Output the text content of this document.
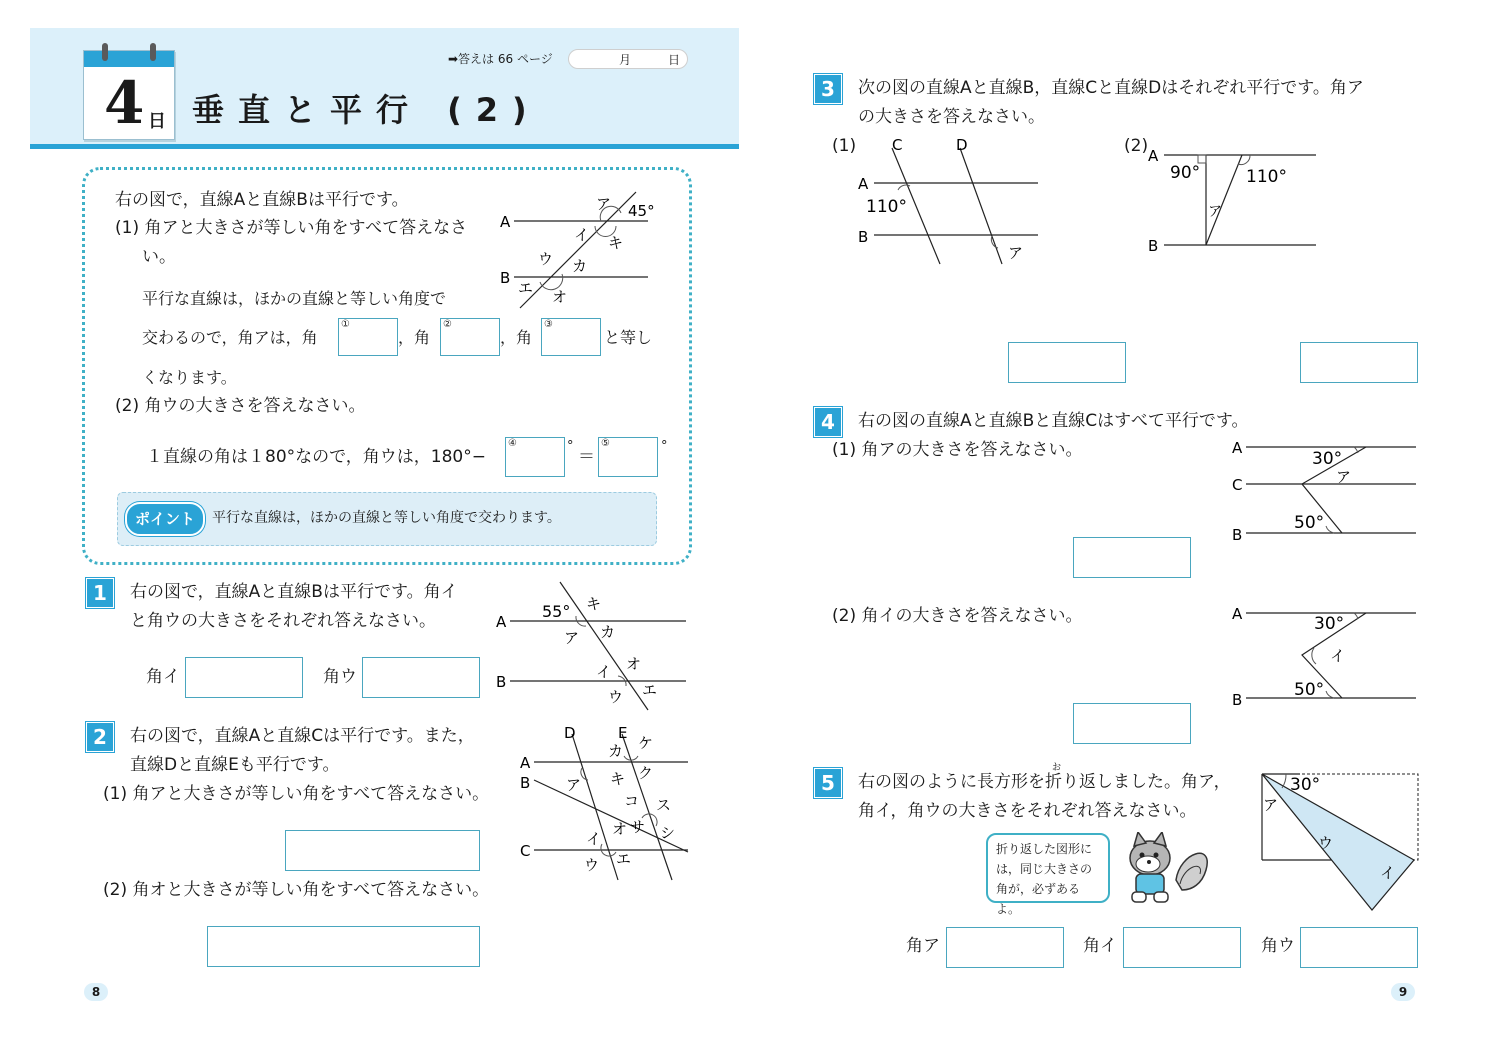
4 日 垂直と平行 (2)
➡答えは 66 ページ	月	日
右の図で，直線Aと直線Bは平行です。
(1) 角アと大きさが等しい角をすべて答えなさ
い。
平行な直線は，ほかの直線と等しい角度で
交わるので，角アは，角
①
，角
②
，角
③
と等し
くなります。
(2) 角ウの大きさを答えなさい。
１直線の角は１80°なので，角ウは，180°−
④	°
＝
⑤	°
ポイント	平行な直線は，ほかの直線と等しい角度で交わります。
A
B
ア 45°
イ キ
ウ カ
エ オ
1	右の図で，直線Aと直線Bは平行です。角イ
と角ウの大きさをそれぞれ答えなさい。
角イ	角ウ
A
B
55° キ
ア カ
イ オ
ウ エ
2	右の図で，直線Aと直線Cは平行です。また，
直線Dと直線Eも平行です。
(1) 角アと大きさが等しい角をすべて答えなさい。
(2) 角オと大きさが等しい角をすべて答えなさい。
A
B
C
D	E
カ ケ
ア キ ク
コ ス
オ サ シ
イ
ウ エ
3	次の図の直線Aと直線B，直線Cと直線Dはそれぞれ平行です。角ア
の大きさを答えなさい。
(1)	(2)
A
B
C	D
110°
ア
A
B
90°	110°
ア
4	右の図の直線Aと直線Bと直線Cはすべて平行です。
(1) 角アの大きさを答えなさい。
(2) 角イの大きさを答えなさい。
A
C
B
30°
ア
50°
A
B
30°
イ
50°
5
お
右の図のように長方形を折り返しました。角ア，
角イ，角ウの大きさをそれぞれ答えなさい。
折り返した図形に
は，同じ大きさの
角が，必ずあるよ。
30°
ア
ウ
イ
角ア	角イ	角ウ
8	9
